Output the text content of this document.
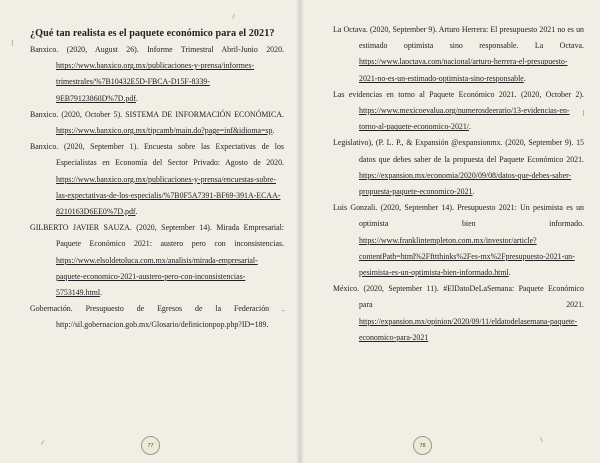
¿Qué tan realista es el paquete económico para el 2021?

Banxico. (2020, August 26). Informe Trimestral Abril-Junio 2020. https://www.banxico.org.mx/publicaciones-y-prensa/informes-trimestrales/%7B10432E5D-FBCA-D15F-8339-9EB79123860D%7D.pdf.

Banxico. (2020, October 5). SISTEMA DE INFORMACIÓN ECONÓMICA. https://www.banxico.org.mx/tipcamb/main.do?page=inf&idioma=sp.

Banxico. (2020, September 1). Encuesta sobre las Expectativas de los Especialistas en Economía del Sector Privado: Agosto de 2020. https://www.banxico.org.mx/publicaciones-y-prensa/encuestas-sobre-las-expectativas-de-los-especialis/%7B0F5A7391-BF69-391A-ECAA-8210163D6EE0%7D.pdf.

GILBERTO JAVIER SAUZA. (2020, September 14). Mirada Empresarial: Paquete Económico 2021: austero pero con inconsistencias. https://www.elsoldetoluca.com.mx/analisis/mirada-empresarial-paquete-economico-2021-austero-pero-con-inconsistencias-5753149.html.

Gobernación. Presupuesto de Egresos de la Federación . http://sil.gobernacion.gob.mx/Glosario/definicionpop.php?ID=189.

La Octava. (2020, September 9). Arturo Herrera: El presupuesto 2021 no es un estimado optimista sino responsable. La Octava. https://www.laoctava.com/nacional/arturo-herrera-el-presupuesto-2021-no-es-un-estimado-optimista-sino-responsable.

Las evidencias en torno al Paquete Económico 2021. (2020, October 2). https://www.mexicoevalua.org/numerosdeerario/13-evidencias-en-torno-al-paquete-economico-2021/.

Legislativo), (P. L. P., & Expansión @expansionmx. (2020, September 9). 15 datos que debes saber de la propuesta del Paquete Económico 2021. https://expansion.mx/economia/2020/09/08/datos-que-debes-saber-propuesta-paquete-economico-2021.

Luis Gonzali. (2020, September 14). Presupuesto 2021: Un pesimista es un optimista bien informado. https://www.franklintempleton.com.mx/investor/article?contentPath=html%2Ffttthinks%2Fes-mx%2Fpresupuesto-2021-un-pesimista-es-un-optimista-bien-informado.html.

México. (2020, September 11). #ElDatoDeLaSemana: Paquete Económico para 2021. https://expansion.mx/opinion/2020/09/11/eldatodelasemana-paquete-economico-para-2021

77	78
